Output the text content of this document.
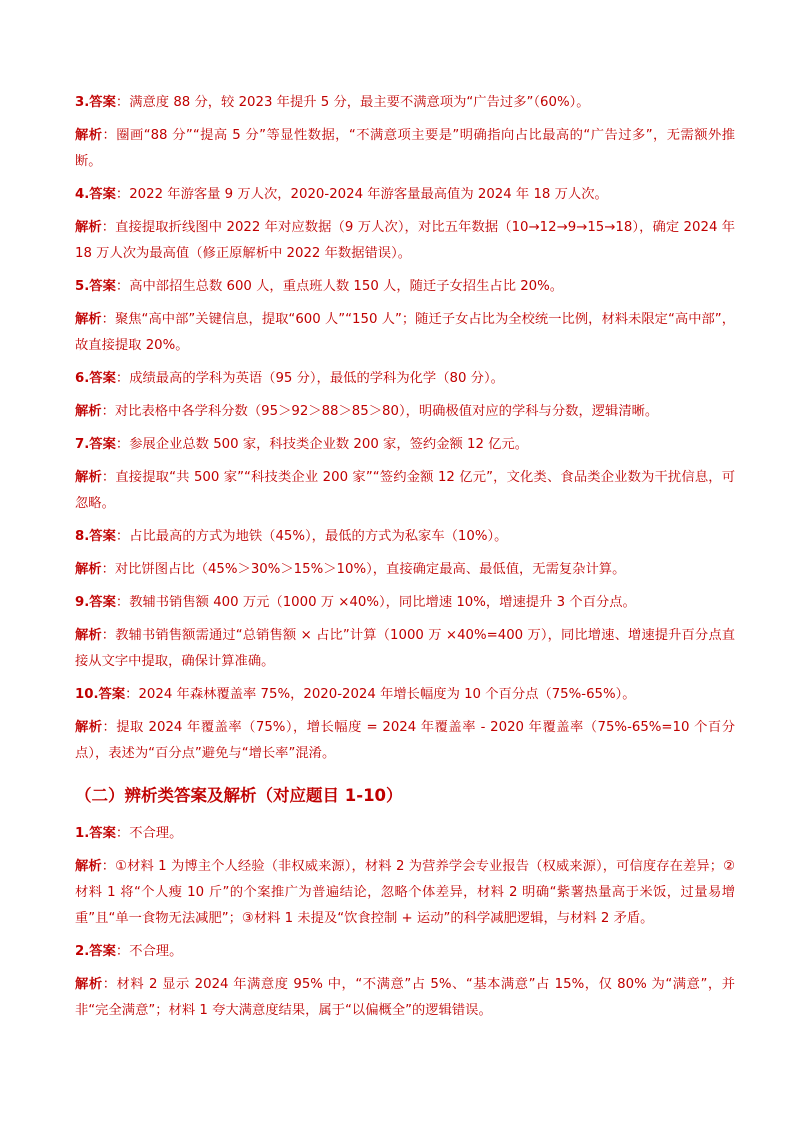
3.答案：满意度 88 分，较 2023 年提升 5 分，最主要不满意项为“广告过多”（60%）。

解析：圈画“88 分”“提高 5 分”等显性数据，“不满意项主要是”明确指向占比最高的“广告过多”，无需额外推断。

4.答案：2022 年游客量 9 万人次，2020-2024 年游客量最高值为 2024 年 18 万人次。

解析：直接提取折线图中 2022 年对应数据（9 万人次），对比五年数据（10→12→9→15→18），确定 2024 年 18 万人次为最高值（修正原解析中 2022 年数据错误）。

5.答案：高中部招生总数 600 人，重点班人数 150 人，随迁子女招生占比 20%。

解析：聚焦“高中部”关键信息，提取“600 人”“150 人”；随迁子女占比为全校统一比例，材料未限定“高中部”，故直接提取 20%。

6.答案：成绩最高的学科为英语（95 分），最低的学科为化学（80 分）。

解析：对比表格中各学科分数（95＞92＞88＞85＞80），明确极值对应的学科与分数，逻辑清晰。

7.答案：参展企业总数 500 家，科技类企业数 200 家，签约金额 12 亿元。

解析：直接提取“共 500 家”“科技类企业 200 家”“签约金额 12 亿元”，文化类、食品类企业数为干扰信息，可忽略。

8.答案：占比最高的方式为地铁（45%），最低的方式为私家车（10%）。

解析：对比饼图占比（45%＞30%＞15%＞10%），直接确定最高、最低值，无需复杂计算。

9.答案：教辅书销售额 400 万元（1000 万 ×40%），同比增速 10%，增速提升 3 个百分点。

解析：教辅书销售额需通过“总销售额 × 占比”计算（1000 万 ×40%=400 万），同比增速、增速提升百分点直接从文字中提取，确保计算准确。

10.答案：2024 年森林覆盖率 75%，2020-2024 年增长幅度为 10 个百分点（75%-65%）。

解析：提取 2024 年覆盖率（75%），增长幅度 = 2024 年覆盖率 - 2020 年覆盖率（75%-65%=10 个百分点），表述为“百分点”避免与“增长率”混淆。

（二）辨析类答案及解析（对应题目 1-10）

1.答案：不合理。

解析：①材料 1 为博主个人经验（非权威来源），材料 2 为营养学会专业报告（权威来源），可信度存在差异；②材料 1 将“个人瘦 10 斤”的个案推广为普遍结论，忽略个体差异，材料 2 明确“紫薯热量高于米饭，过量易增重”且“单一食物无法减肥”；③材料 1 未提及“饮食控制 + 运动”的科学减肥逻辑，与材料 2 矛盾。

2.答案：不合理。

解析：材料 2 显示 2024 年满意度 95% 中，“不满意”占 5%、“基本满意”占 15%，仅 80% 为“满意”，并非“完全满意”；材料 1 夸大满意度结果，属于“以偏概全”的逻辑错误。
